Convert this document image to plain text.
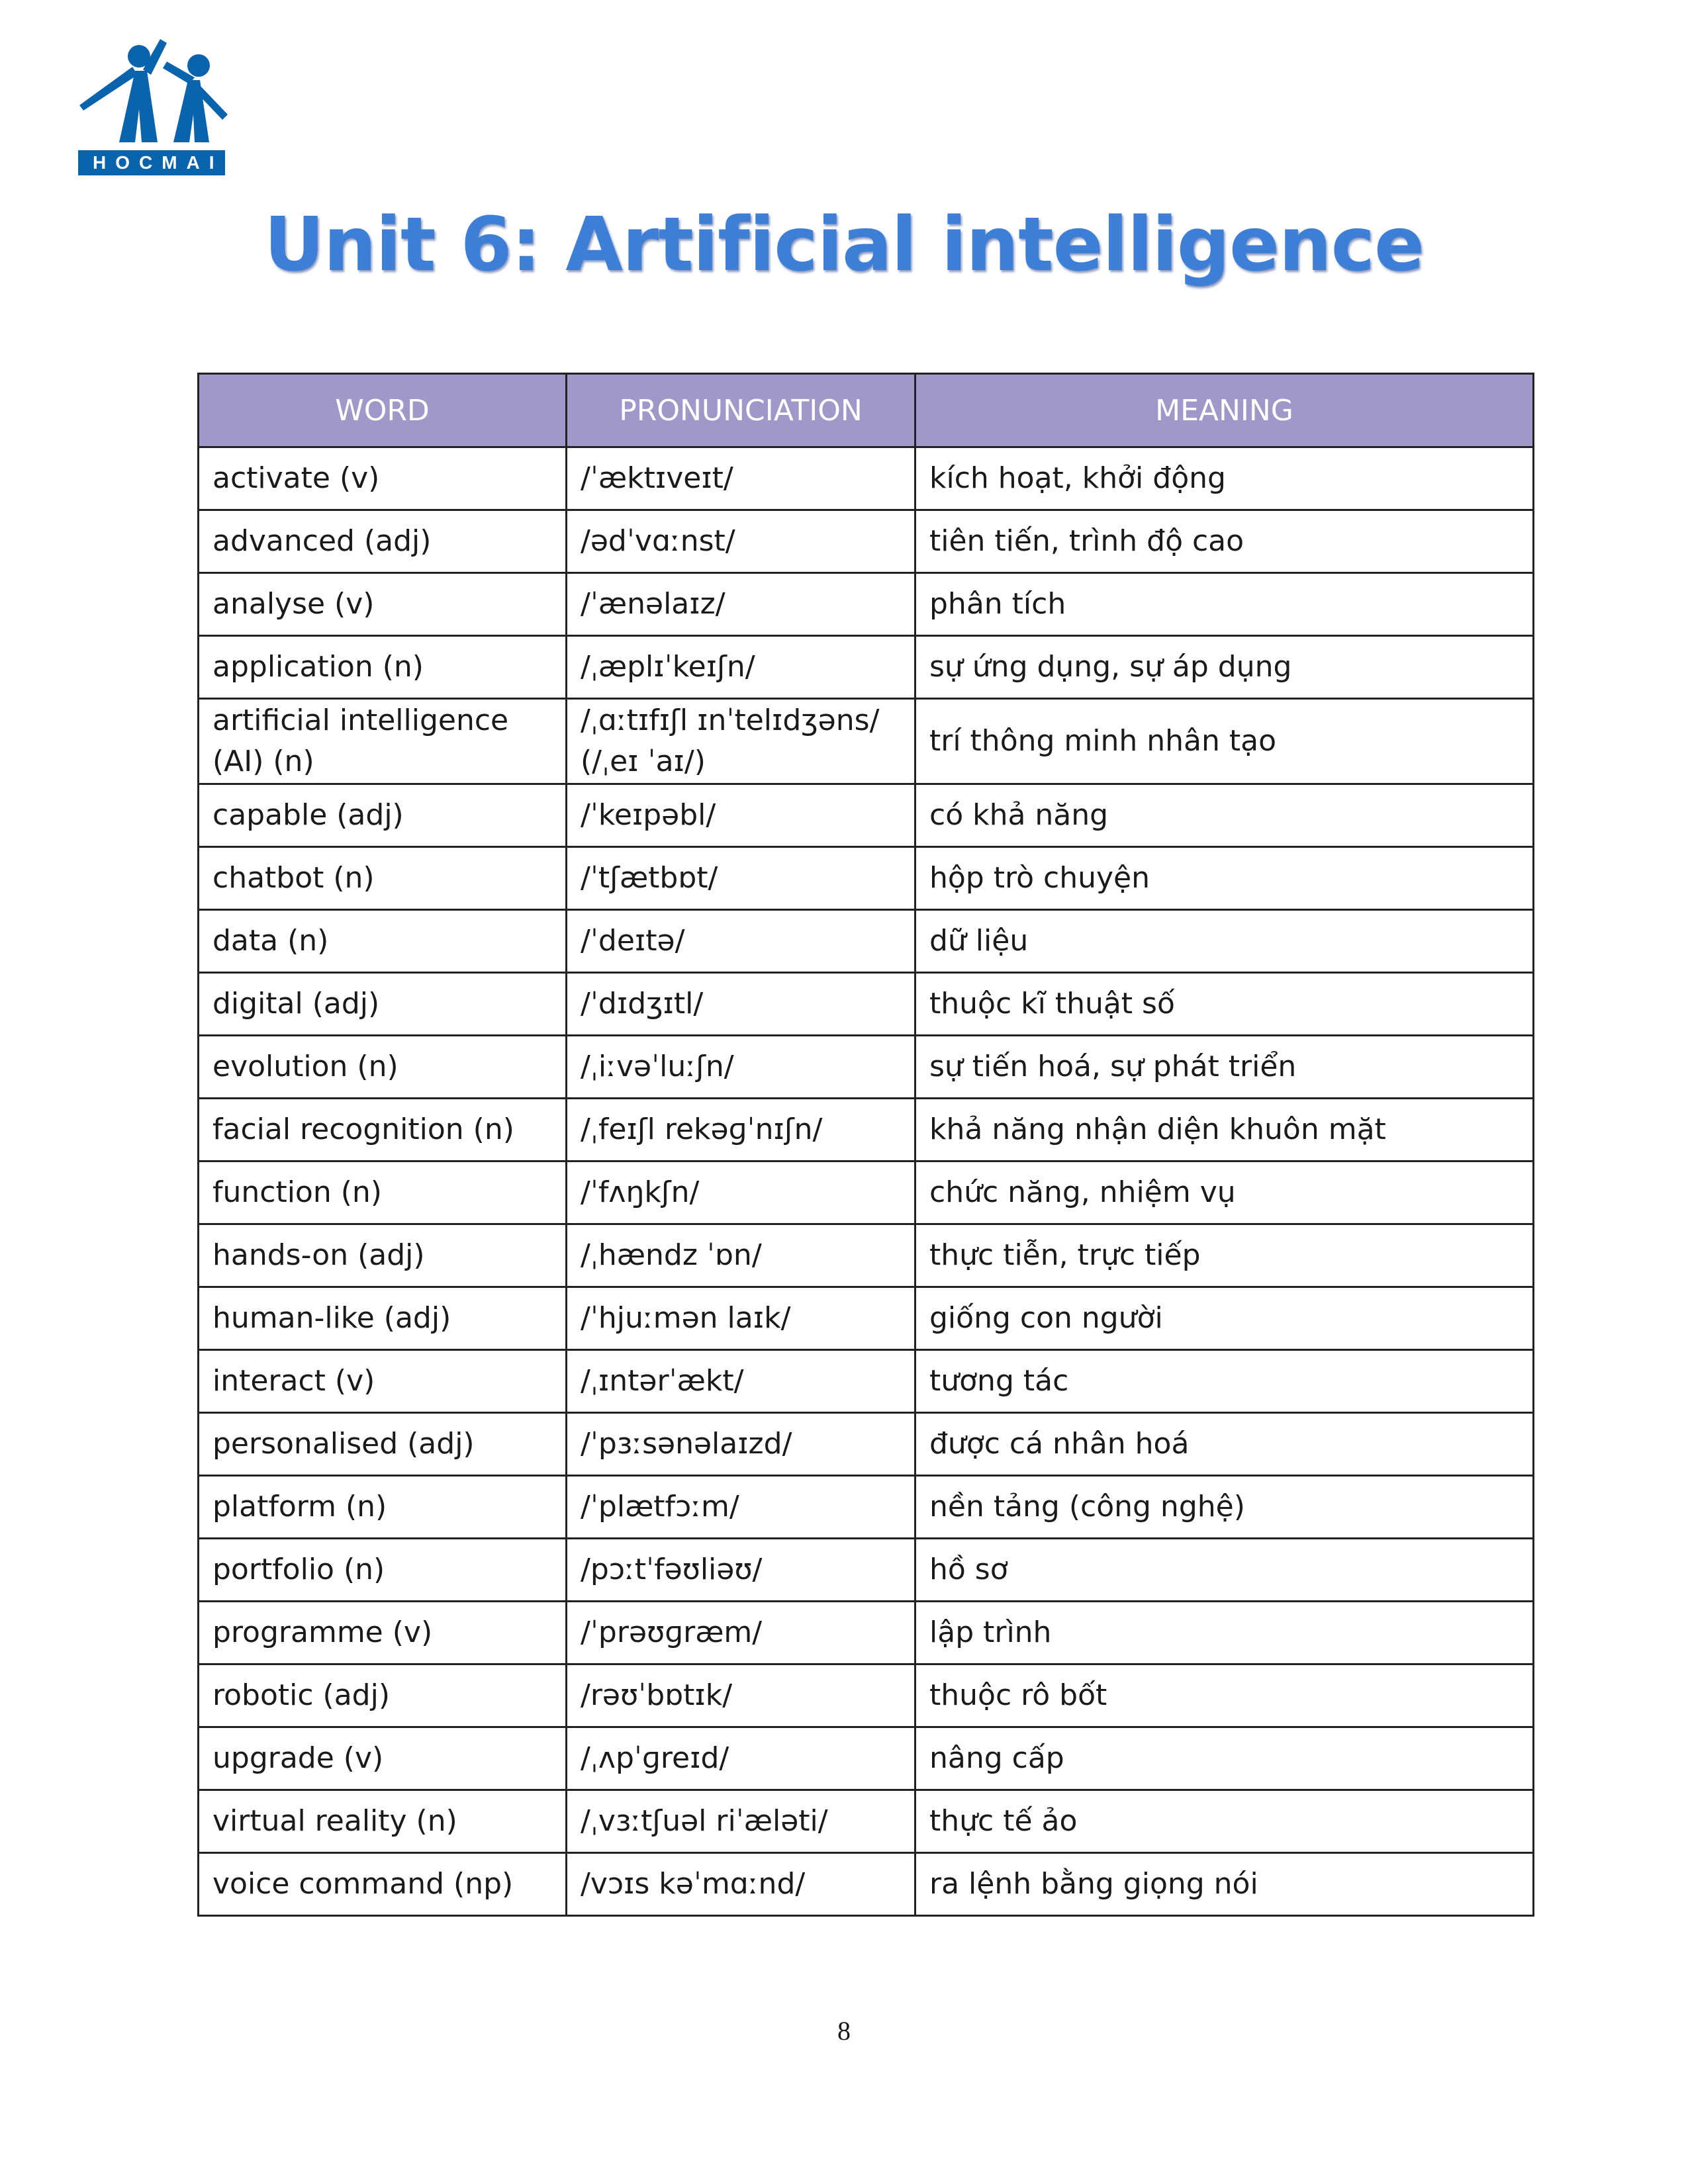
HOCMAI
Unit 6: Artificial intelligence
WORD	PRONUNCIATION	MEANING
activate (v)	/ˈæktɪveɪt/	kích hoạt, khởi động
advanced (adj)	/ədˈvɑːnst/	tiên tiến, trình độ cao
analyse (v)	/ˈænəlaɪz/	phân tích
application (n)	/ˌæplɪˈkeɪʃn/	sự ứng dụng, sự áp dụng
artificial intelligence (AI) (n)	/ˌɑːtɪfɪʃl ɪnˈtelɪdʒəns/ (/ˌeɪ ˈaɪ/)	trí thông minh nhân tạo
capable (adj)	/ˈkeɪpəbl/	có khả năng
chatbot (n)	/ˈtʃætbɒt/	hộp trò chuyện
data (n)	/ˈdeɪtə/	dữ liệu
digital (adj)	/ˈdɪdʒɪtl/	thuộc kĩ thuật số
evolution (n)	/ˌiːvəˈluːʃn/	sự tiến hoá, sự phát triển
facial recognition (n)	/ˌfeɪʃl rekəɡˈnɪʃn/	khả năng nhận diện khuôn mặt
function (n)	/ˈfʌŋkʃn/	chức năng, nhiệm vụ
hands-on (adj)	/ˌhændz ˈɒn/	thực tiễn, trực tiếp
human-like (adj)	/ˈhjuːmən laɪk/	giống con người
interact (v)	/ˌɪntərˈækt/	tương tác
personalised (adj)	/ˈpɜːsənəlaɪzd/	được cá nhân hoá
platform (n)	/ˈplætfɔːm/	nền tảng (công nghệ)
portfolio (n)	/pɔːtˈfəʊliəʊ/	hồ sơ
programme (v)	/ˈprəʊɡræm/	lập trình
robotic (adj)	/rəʊˈbɒtɪk/	thuộc rô bốt
upgrade (v)	/ˌʌpˈɡreɪd/	nâng cấp
virtual reality (n)	/ˌvɜːtʃuəl riˈæləti/	thực tế ảo
voice command (np)	/vɔɪs kəˈmɑːnd/	ra lệnh bằng giọng nói
8
